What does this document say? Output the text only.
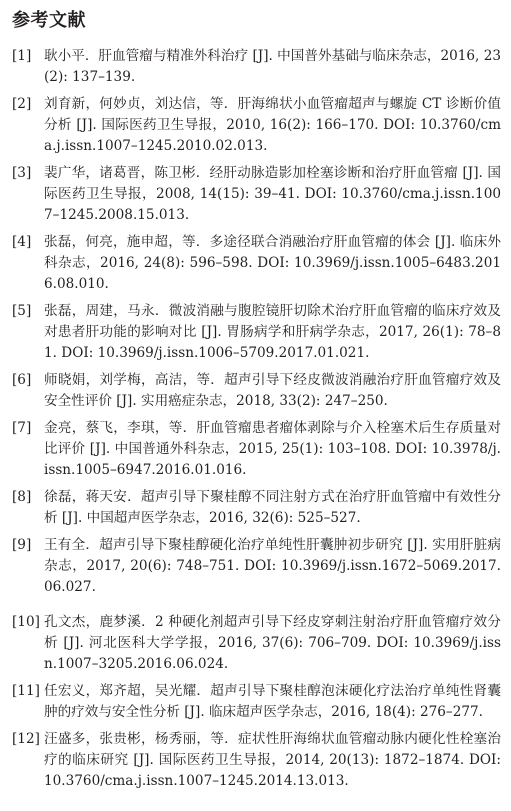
参考文献
[1] 耿小平．肝血管瘤与精准外科治疗 [J]. 中国普外基础与临床杂志，2016, 23(2): 137–139.
[2] 刘育新，何妙贞，刘达信，等．肝海绵状小血管瘤超声与螺旋 CT 诊断价值分析 [J]. 国际医药卫生导报，2010, 16(2): 166–170. DOI: 10.3760/cma.j.issn.1007–1245.2010.02.013.
[3] 裴广华，诸葛晋，陈卫彬．经肝动脉造影加栓塞诊断和治疗肝血管瘤 [J]. 国际医药卫生导报，2008, 14(15): 39–41. DOI: 10.3760/cma.j.issn.1007–1245.2008.15.013.
[4] 张磊，何亮，施申超，等．多途径联合消融治疗肝血管瘤的体会 [J]. 临床外科杂志，2016, 24(8): 596–598. DOI: 10.3969/j.issn.1005–6483.2016.08.010.
[5] 张磊，周建，马永．微波消融与腹腔镜肝切除术治疗肝血管瘤的临床疗效及对患者肝功能的影响对比 [J]. 胃肠病学和肝病学杂志，2017, 26(1): 78–81. DOI: 10.3969/j.issn.1006–5709.2017.01.021.
[6] 师晓娟，刘学梅，高洁，等．超声引导下经皮微波消融治疗肝血管瘤疗效及安全性评价 [J]. 实用癌症杂志，2018, 33(2): 247–250.
[7] 金亮，蔡飞，李琪，等．肝血管瘤患者瘤体剥除与介入栓塞术后生存质量对比评价 [J]. 中国普通外科杂志，2015, 25(1): 103–108. DOI: 10.3978/j.issn.1005–6947.2016.01.016.
[8] 徐磊，蒋天安．超声引导下聚桂醇不同注射方式在治疗肝血管瘤中有效性分析 [J]. 中国超声医学杂志，2016, 32(6): 525–527.
[9] 王有全．超声引导下聚桂醇硬化治疗单纯性肝囊肿初步研究 [J]. 实用肝脏病杂志，2017, 20(6): 748–751. DOI: 10.3969/j.issn.1672–5069.2017.06.027.
[10] 孔文杰，鹿梦溪．2 种硬化剂超声引导下经皮穿刺注射治疗肝血管瘤疗效分析 [J]. 河北医科大学学报，2016, 37(6): 706–709. DOI: 10.3969/j.issn.1007–3205.2016.06.024.
[11] 任宏义，郑齐超，吴光耀．超声引导下聚桂醇泡沫硬化疗法治疗单纯性肾囊肿的疗效与安全性分析 [J]. 临床超声医学杂志，2016, 18(4): 276–277.
[12] 汪盛多，张贵彬，杨秀丽，等．症状性肝海绵状血管瘤动脉内硬化性栓塞治疗的临床研究 [J]. 国际医药卫生导报，2014, 20(13): 1872–1874. DOI: 10.3760/cma.j.issn.1007–1245.2014.13.013.
